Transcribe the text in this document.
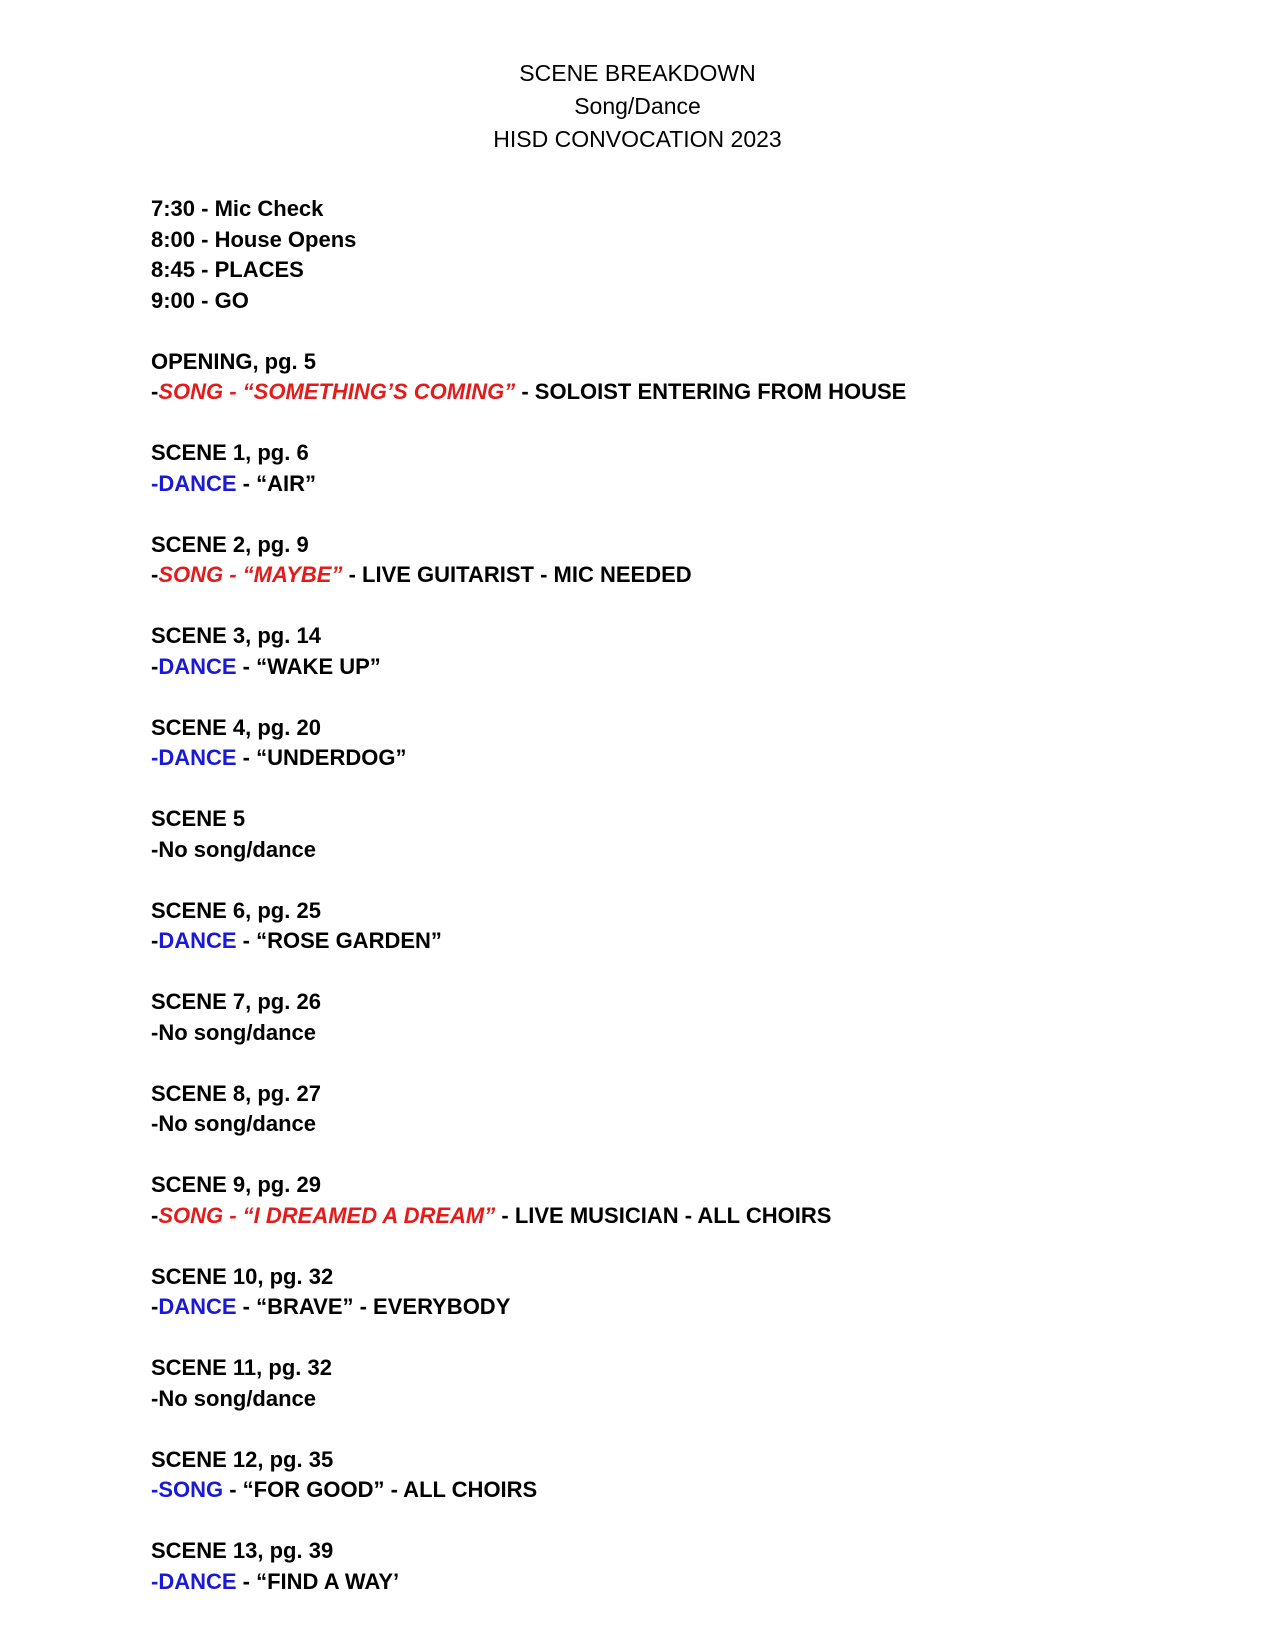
SCENE BREAKDOWN
Song/Dance
HISD CONVOCATION 2023
7:30 - Mic Check
8:00 - House Opens
8:45 - PLACES
9:00 - GO
OPENING, pg. 5
-SONG - “SOMETHING’S COMING” - SOLOIST ENTERING FROM HOUSE
SCENE 1, pg. 6
-DANCE - “AIR”
SCENE 2, pg. 9
-SONG - “MAYBE” - LIVE GUITARIST - MIC NEEDED
SCENE 3, pg. 14
-DANCE - “WAKE UP”
SCENE 4, pg. 20
-DANCE - “UNDERDOG”
SCENE 5
-No song/dance
SCENE 6, pg. 25
-DANCE - “ROSE GARDEN”
SCENE 7, pg. 26
-No song/dance
SCENE 8, pg. 27
-No song/dance
SCENE 9, pg. 29
-SONG - “I DREAMED A DREAM” - LIVE MUSICIAN - ALL CHOIRS
SCENE 10, pg. 32
-DANCE - “BRAVE” - EVERYBODY
SCENE 11, pg. 32
-No song/dance
SCENE 12, pg. 35
-SONG - “FOR GOOD” - ALL CHOIRS
SCENE 13, pg. 39
-DANCE - “FIND A WAY’
